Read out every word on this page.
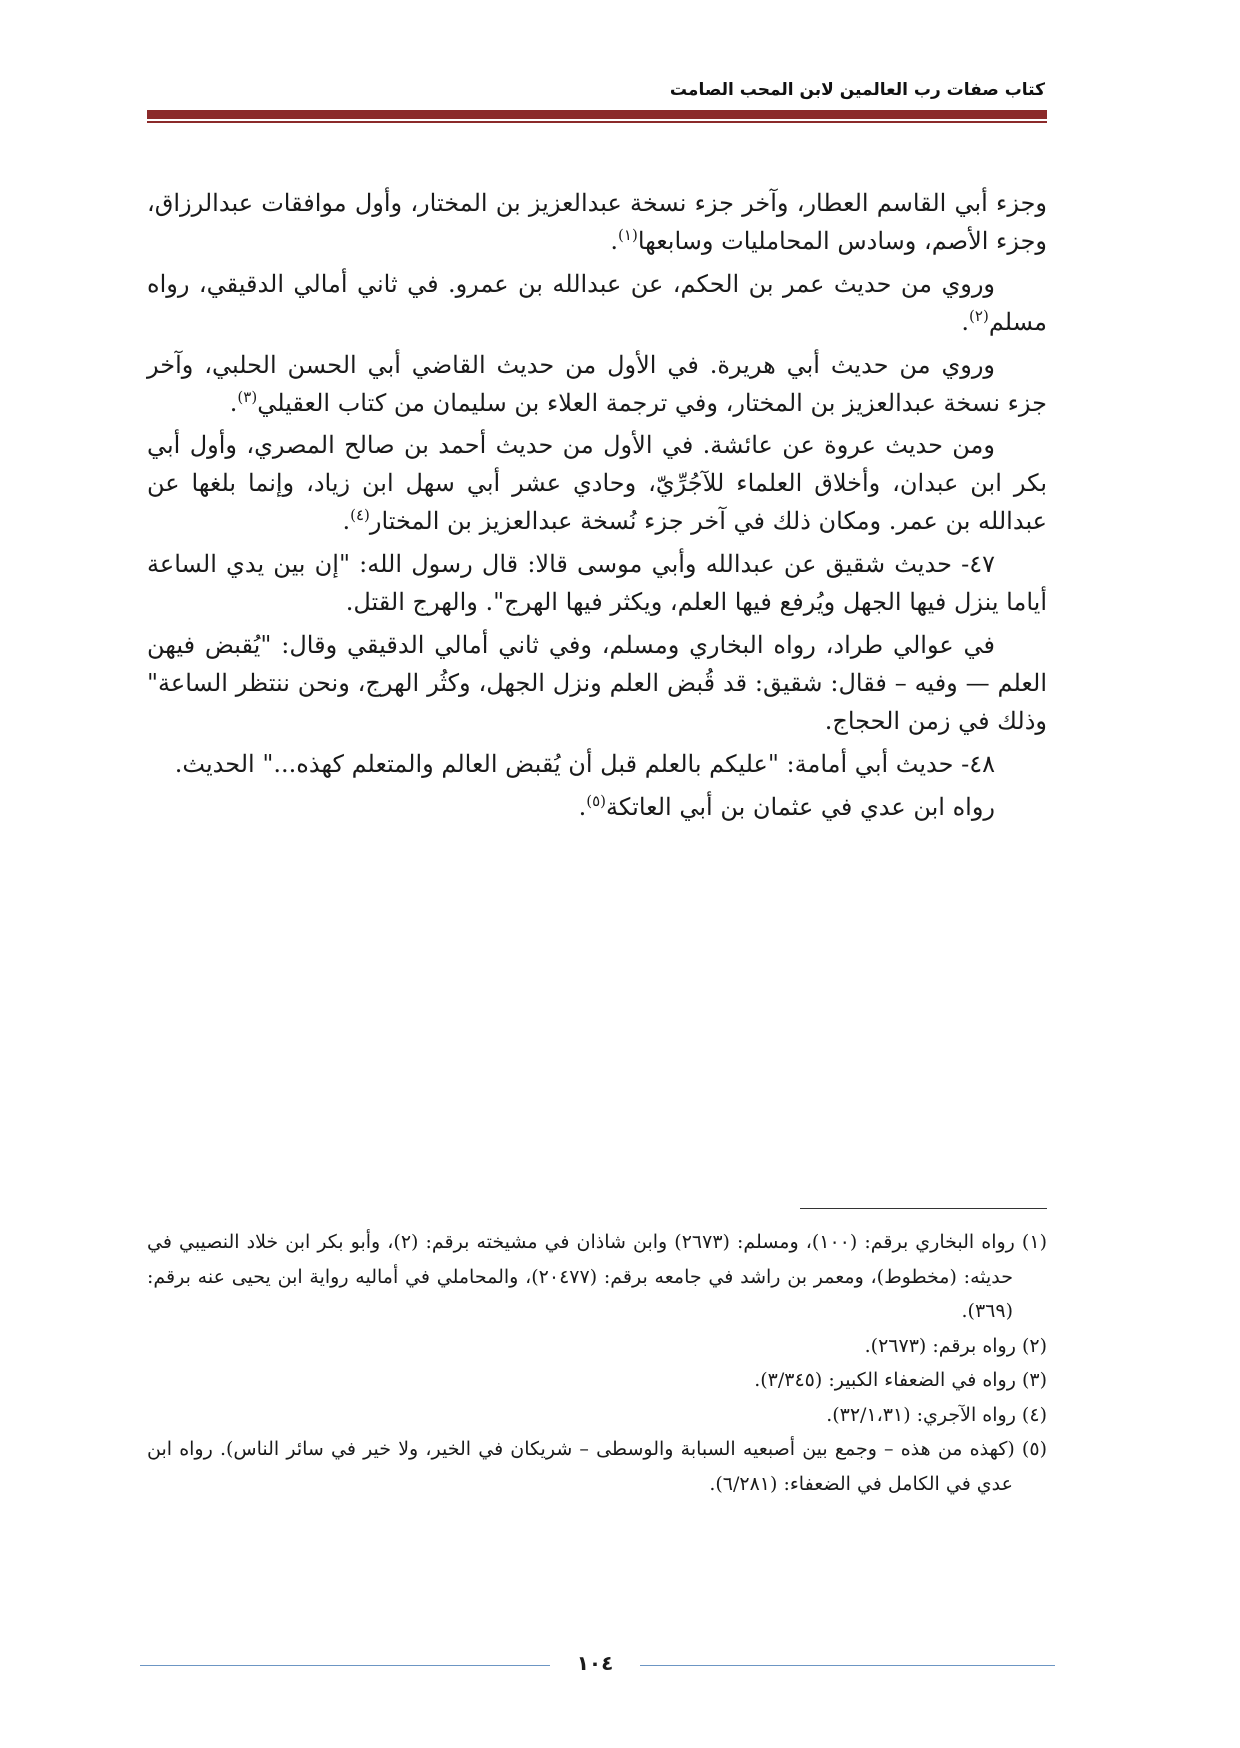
كتاب صفات رب العالمين لابن المحب الصامت

وجزء أبي القاسم العطار، وآخر جزء نسخة عبدالعزيز بن المختار، وأول موافقات عبدالرزاق، وجزء الأصم، وسادس المحامليات وسابعها$^{(١)}$.

وروي من حديث عمر بن الحكم، عن عبدالله بن عمرو. في ثاني أمالي الدقيقي، رواه مسلم$^{(٢)}$.

وروي من حديث أبي هريرة. في الأول من حديث القاضي أبي الحسن الحلبي، وآخر جزء نسخة عبدالعزيز بن المختار، وفي ترجمة العلاء بن سليمان من كتاب العقيلي$^{(٣)}$.

ومن حديث عروة عن عائشة. في الأول من حديث أحمد بن صالح المصري، وأول أبي بكر ابن عبدان، وأخلاق العلماء للآجُرِّيّ، وحادي عشر أبي سهل ابن زياد، وإنما بلغها عن عبدالله بن عمر. ومكان ذلك في آخر جزء نُسخة عبدالعزيز بن المختار$^{(٤)}$.

٤٧- حديث شقيق عن عبدالله وأبي موسى قالا: قال رسول الله: "إن بين يدي الساعة أياما ينزل فيها الجهل ويُرفع فيها العلم، ويكثر فيها الهرج". والهرج القتل.

في عوالي طراد، رواه البخاري ومسلم، وفي ثاني أمالي الدقيقي وقال: "يُقبض فيهن العلم — وفيه – فقال: شقيق: قد قُبض العلم ونزل الجهل، وكثُر الهرج، ونحن ننتظر الساعة" وذلك في زمن الحجاج.

٤٨- حديث أبي أمامة: "عليكم بالعلم قبل أن يُقبض العالم والمتعلم كهذه..." الحديث.

رواه ابن عدي في عثمان بن أبي العاتكة$^{(٥)}$.

(١) رواه البخاري برقم: (١٠٠)، ومسلم: (٢٦٧٣) وابن شاذان في مشيخته برقم: (٢)، وأبو بكر ابن خلاد النصيبي في حديثه: (مخطوط)، ومعمر بن راشد في جامعه برقم: (٢٠٤٧٧)، والمحاملي في أماليه رواية ابن يحيى عنه برقم: (٣٦٩).

(٢) رواه برقم: (٢٦٧٣).

(٣) رواه في الضعفاء الكبير: (٣/٣٤٥).

(٤) رواه الآجري: (٣٢/١،٣١).

(٥) (كهذه من هذه – وجمع بين أصبعيه السبابة والوسطى – شريكان في الخير، ولا خير في سائر الناس). رواه ابن عدي في الكامل في الضعفاء: (٦/٢٨١).

١٠٤
